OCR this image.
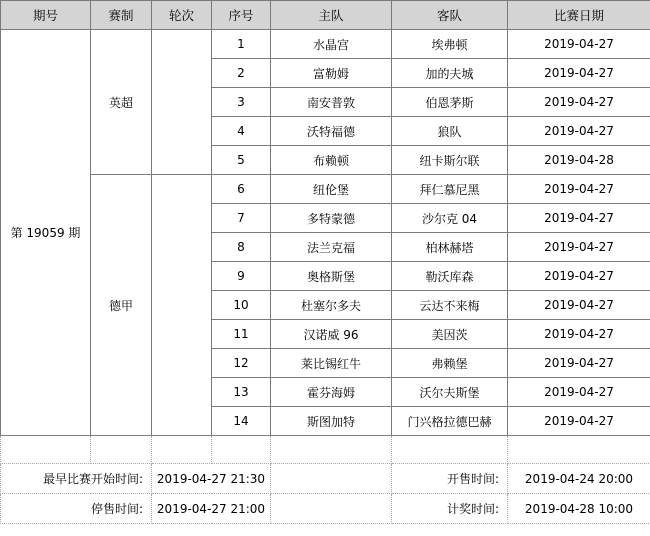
期号	赛制	轮次	序号	主队	客队	比赛日期
第 19059 期	英超		1	水晶宫	埃弗顿	2019-04-27
			2	富勒姆	加的夫城	2019-04-27
			3	南安普敦	伯恩茅斯	2019-04-27
			4	沃特福德	狼队	2019-04-27
			5	布赖顿	纽卡斯尔联	2019-04-28
	德甲		6	纽伦堡	拜仁慕尼黑	2019-04-27
			7	多特蒙德	沙尔克 04	2019-04-27
			8	法兰克福	柏林赫塔	2019-04-27
			9	奥格斯堡	勒沃库森	2019-04-27
			10	杜塞尔多夫	云达不来梅	2019-04-27
			11	汉诺威 96	美因茨	2019-04-27
			12	莱比锡红牛	弗赖堡	2019-04-27
			13	霍芬海姆	沃尔夫斯堡	2019-04-27
			14	斯图加特	门兴格拉德巴赫	2019-04-27

最早比赛开始时间:		2019-04-27 21:30			开售时间:	2019-04-24 20:00
停售时间:		2019-04-27 21:00			计奖时间:	2019-04-28 10:00
